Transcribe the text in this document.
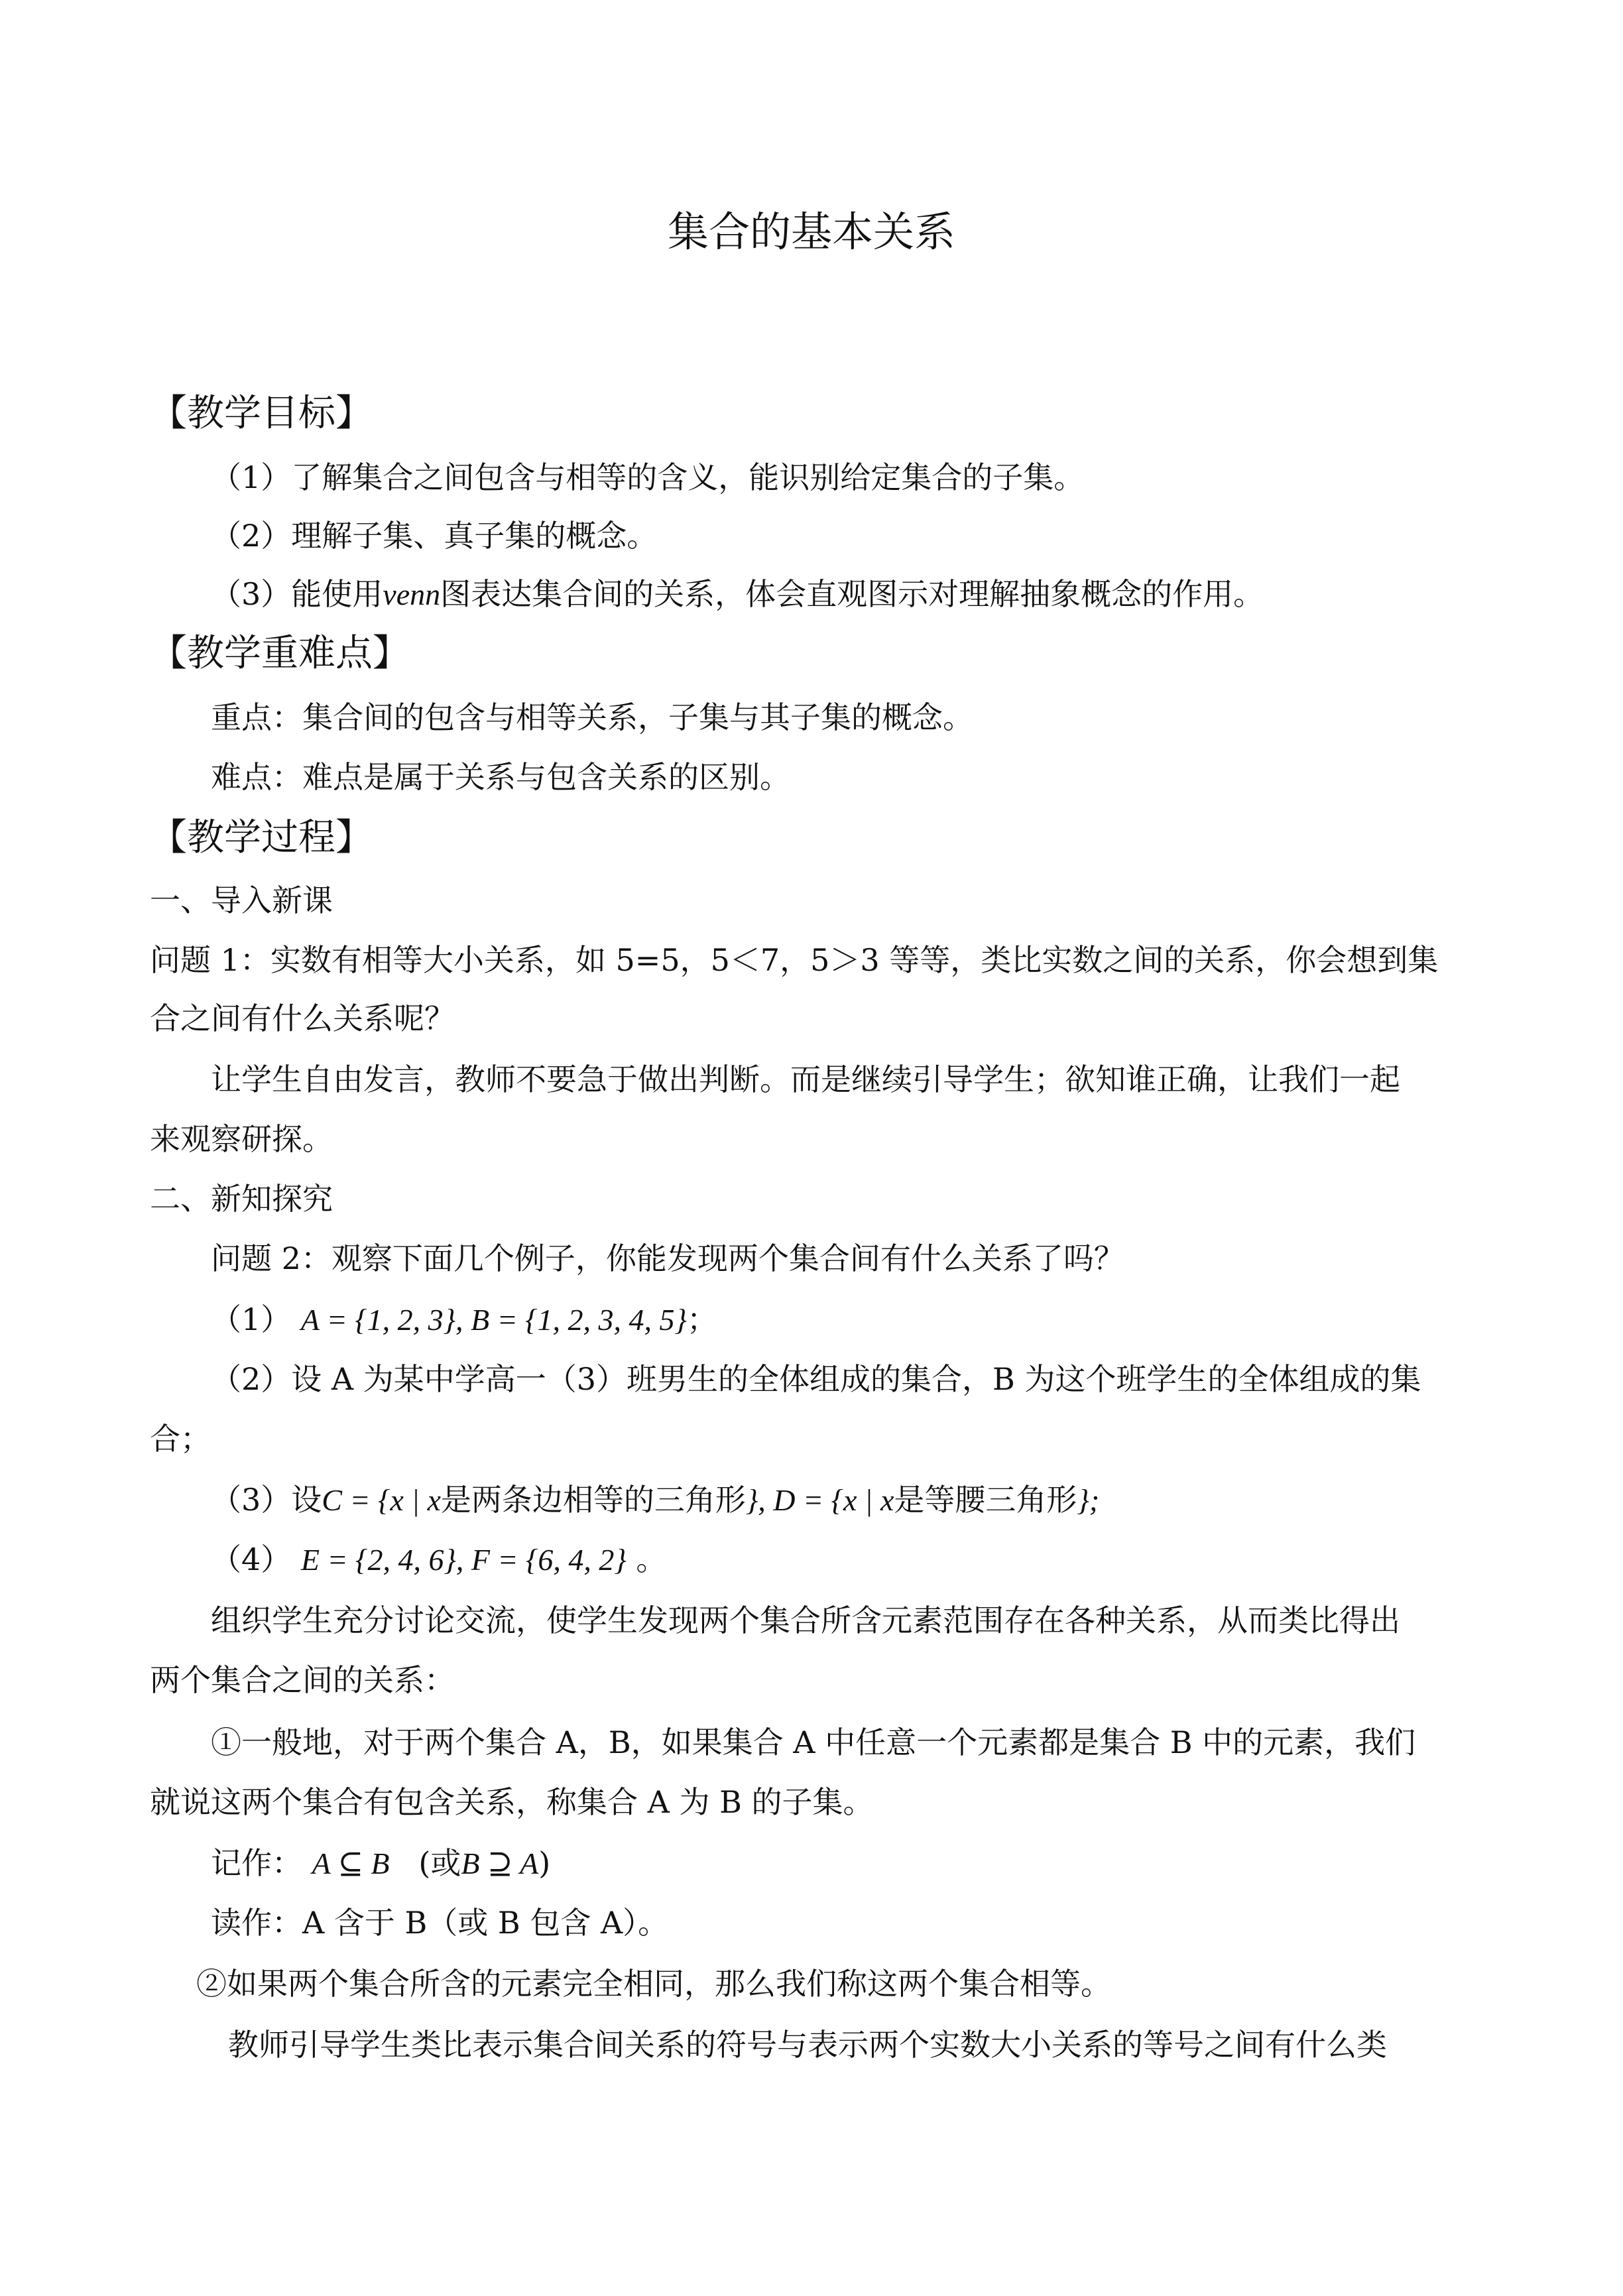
集合的基本关系
【教学目标】
（1）了解集合之间包含与相等的含义，能识别给定集合的子集。
（2）理解子集、真子集的概念。
（3）能使用venn图表达集合间的关系，体会直观图示对理解抽象概念的作用。
【教学重难点】
重点：集合间的包含与相等关系，子集与其子集的概念。
难点：难点是属于关系与包含关系的区别。
【教学过程】
一、导入新课
问题 1：实数有相等大小关系，如 5=5，5＜7，5＞3 等等，类比实数之间的关系，你会想到集
合之间有什么关系呢？
让学生自由发言，教师不要急于做出判断。而是继续引导学生；欲知谁正确，让我们一起
来观察研探。
二、新知探究
问题 2：观察下面几个例子，你能发现两个集合间有什么关系了吗？
（1） A = {1, 2, 3}, B = {1, 2, 3, 4, 5}；
（2）设 A 为某中学高一（3）班男生的全体组成的集合，B 为这个班学生的全体组成的集
合；
（3）设C = {x | x是两条边相等的三角形}, D = {x | x是等腰三角形};
（4） E = {2, 4, 6}, F = {6, 4, 2} 。
组织学生充分讨论交流，使学生发现两个集合所含元素范围存在各种关系，从而类比得出
两个集合之间的关系：
①一般地，对于两个集合 A，B，如果集合 A 中任意一个元素都是集合 B 中的元素，我们
就说这两个集合有包含关系，称集合 A 为 B 的子集。
记作： A ⊆ B (或B ⊇ A)
读作：A 含于 B（或 B 包含 A）。
②如果两个集合所含的元素完全相同，那么我们称这两个集合相等。
教师引导学生类比表示集合间关系的符号与表示两个实数大小关系的等号之间有什么类
